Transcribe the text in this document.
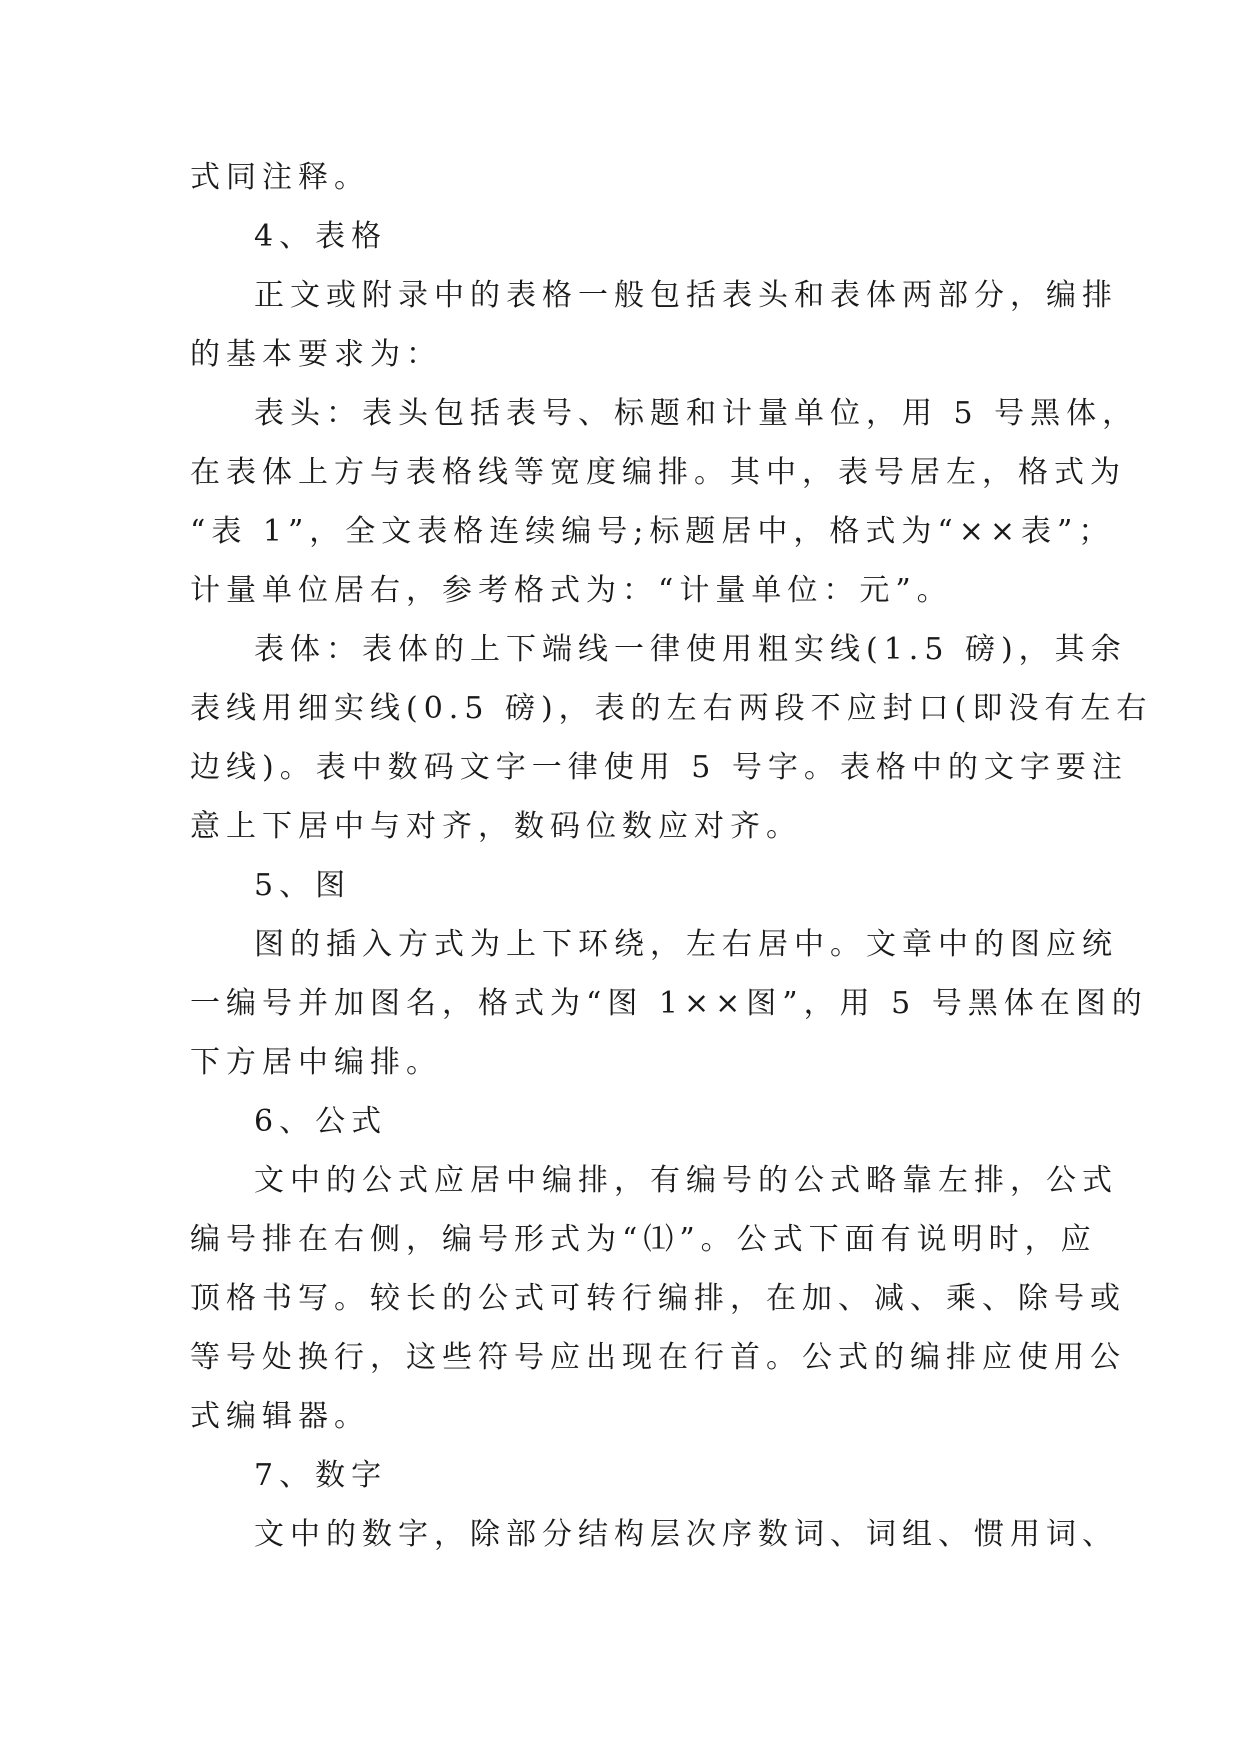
式同注释。

4、表格

正文或附录中的表格一般包括表头和表体两部分，编排

的基本要求为：

表头：表头包括表号、标题和计量单位，用 5 号黑体，

在表体上方与表格线等宽度编排。其中，表号居左，格式为

“表 1”，全文表格连续编号;标题居中，格式为“××表”；

计量单位居右，参考格式为：“计量单位：元”。

表体：表体的上下端线一律使用粗实线(1.5 磅)，其余

表线用细实线(0.5 磅)，表的左右两段不应封口(即没有左右

边线)。表中数码文字一律使用 5 号字。表格中的文字要注

意上下居中与对齐，数码位数应对齐。

5、图

图的插入方式为上下环绕，左右居中。文章中的图应统

一编号并加图名，格式为“图 1××图”，用 5 号黑体在图的

下方居中编排。

6、公式

文中的公式应居中编排，有编号的公式略靠左排，公式

编号排在右侧，编号形式为“⑴”。公式下面有说明时，应

顶格书写。较长的公式可转行编排，在加、减、乘、除号或

等号处换行，这些符号应出现在行首。公式的编排应使用公

式编辑器。

7、数字

文中的数字，除部分结构层次序数词、词组、惯用词、
